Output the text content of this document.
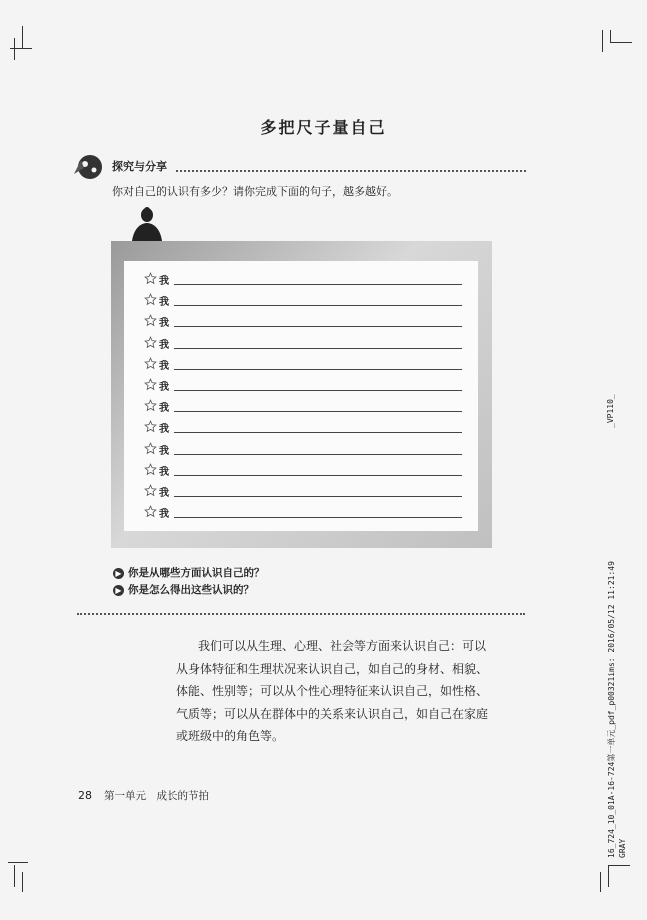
多把尺子量自己
探究与分享
你对自己的认识有多少？请你完成下面的句子，越多越好。
我
我
我
我
我
我
我
我
我
我
我
我
▶ 你是从哪些方面认识自己的？
▶ 你是怎么得出这些认识的？
我们可以从生理、心理、社会等方面来认识自己：可以
从身体特征和生理状况来认识自己，如自己的身材、相貌、
体能、性别等；可以从个性心理特征来认识自己，如性格、
气质等；可以从在群体中的关系来认识自己，如自己在家庭
或班级中的角色等。
28 第一单元　成长的节拍
_VP110_
16_724_10_01A-16-724第一单元_pdf_p00321ims: 2016/05/12 11:21:49 GRAY
